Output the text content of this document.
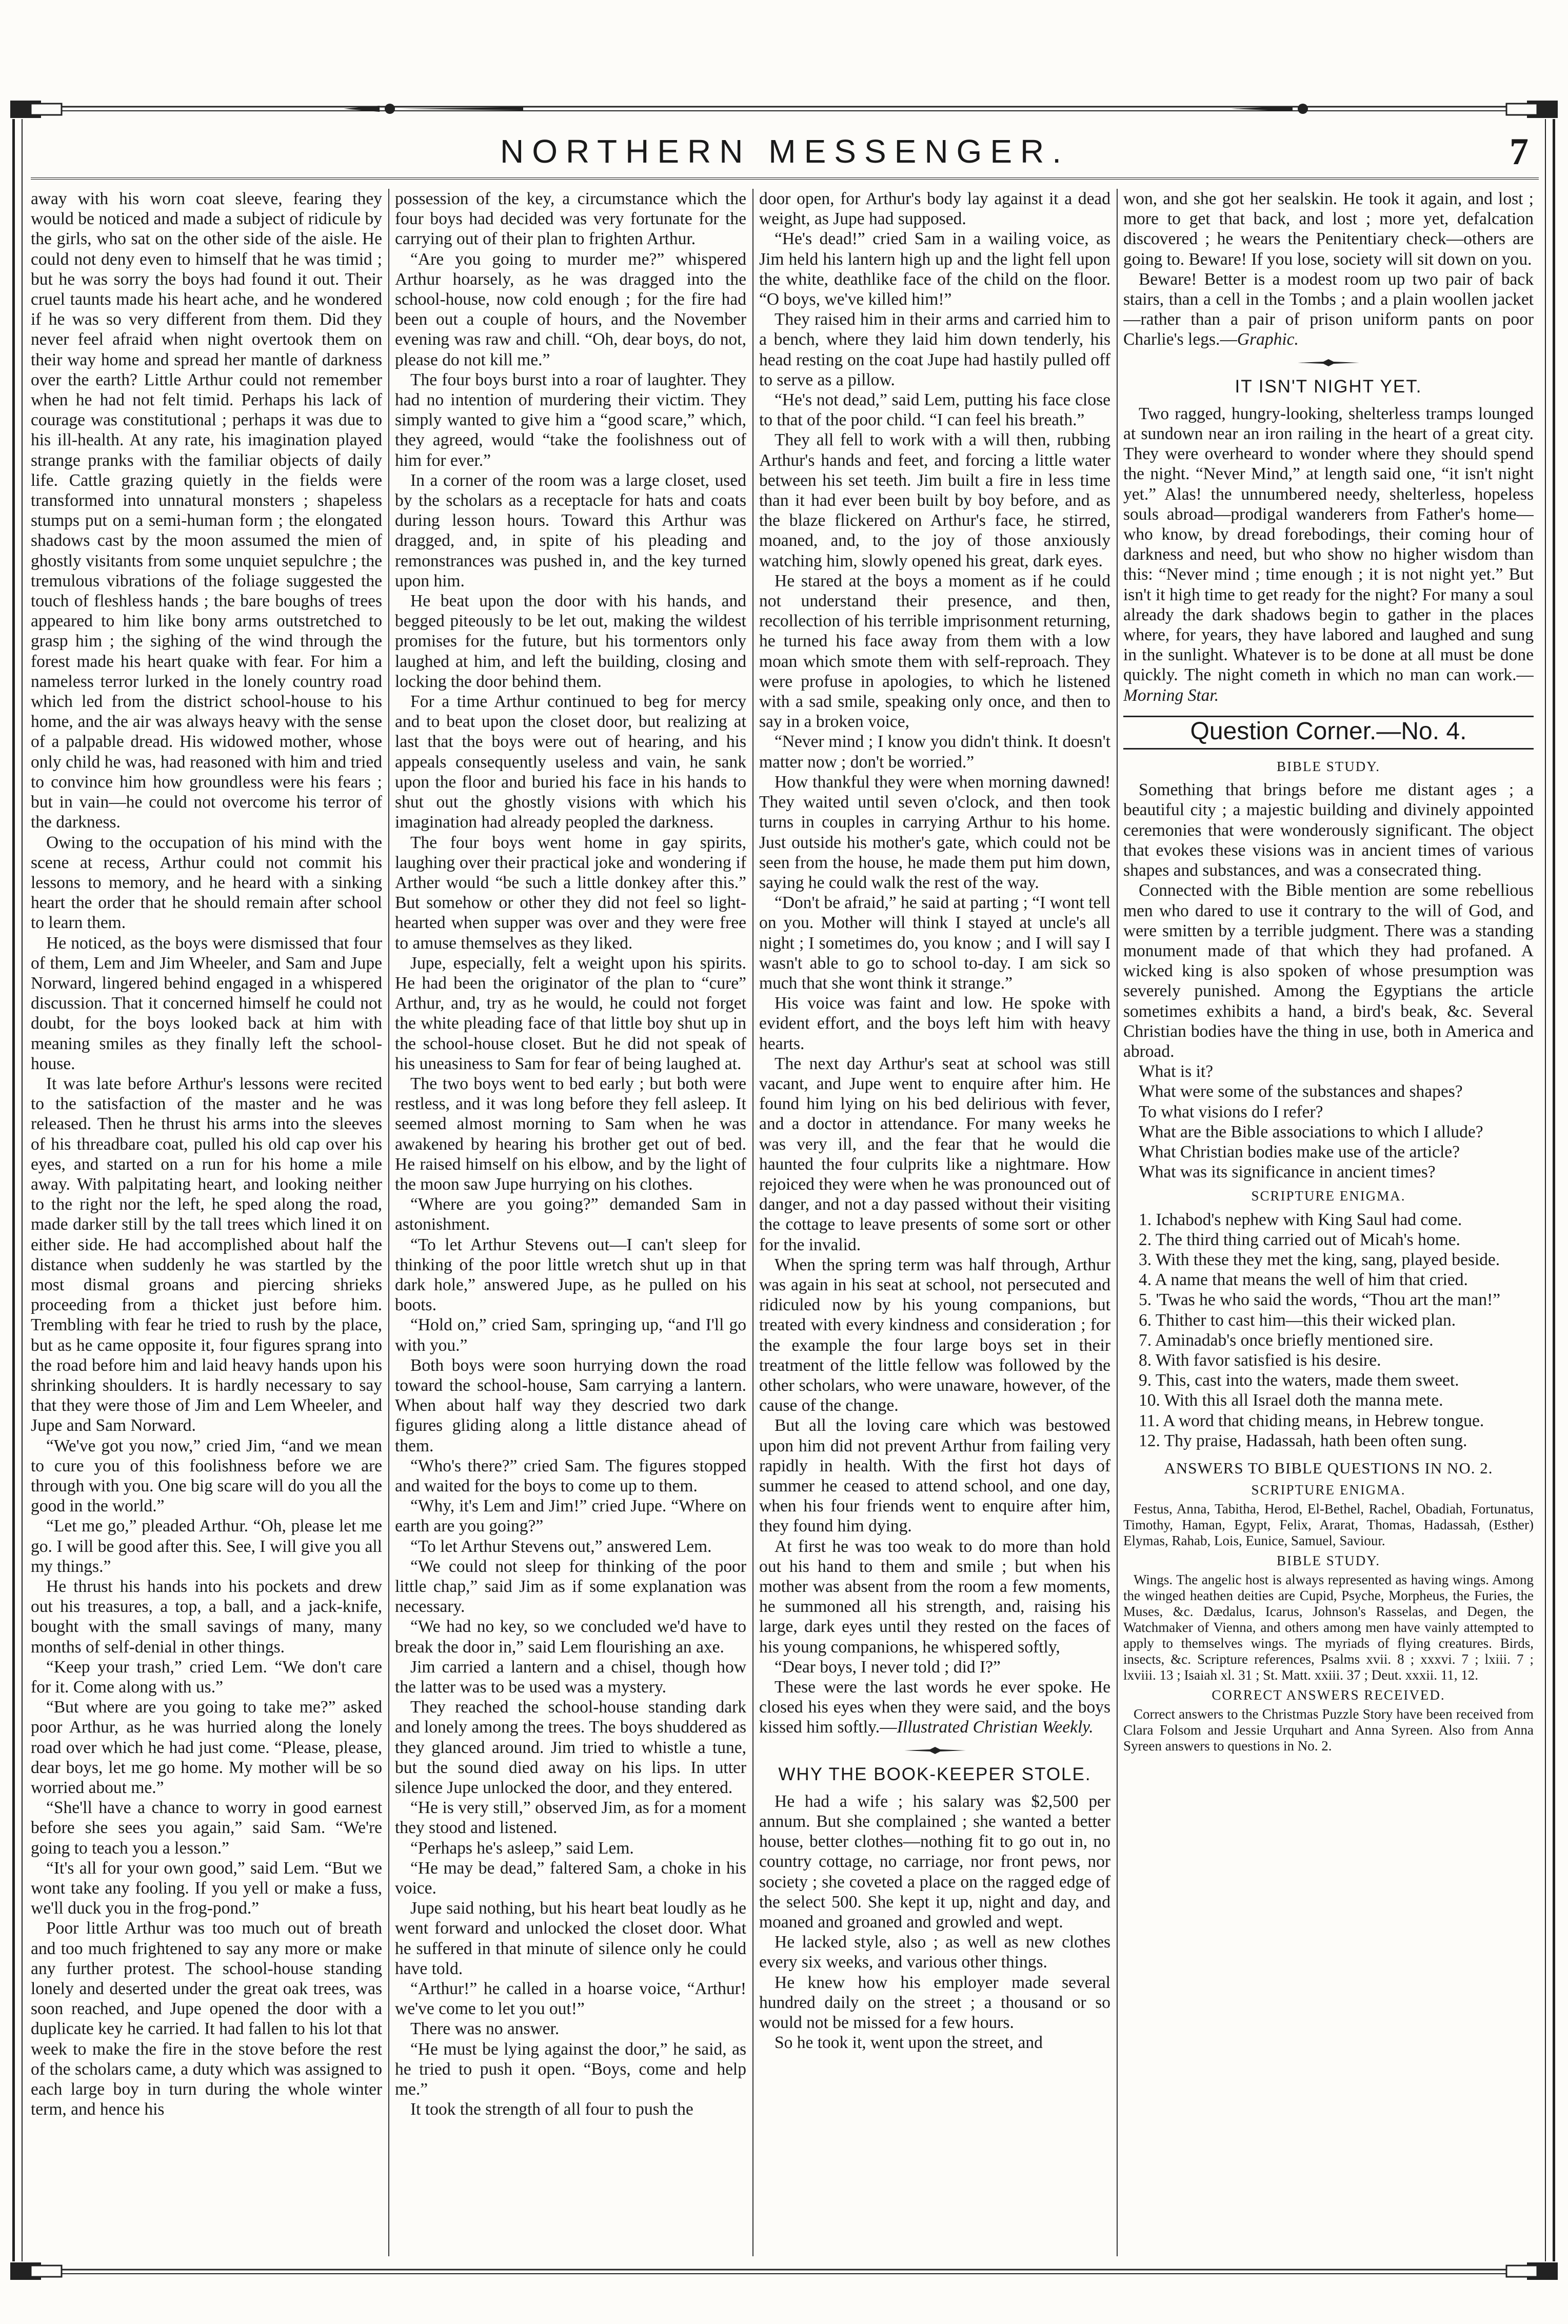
NORTHERN MESSENGER.	7

away with his worn coat sleeve, fearing they would be noticed and made a subject of ridicule by the girls, who sat on the other side of the aisle. He could not deny even to himself that he was timid ; but he was sorry the boys had found it out. Their cruel taunts made his heart ache, and he wondered if he was so very different from them. Did they never feel afraid when night overtook them on their way home and spread her mantle of darkness over the earth? Little Arthur could not remember when he had not felt timid. Perhaps his lack of courage was constitutional ; perhaps it was due to his ill-health. At any rate, his imagination played strange pranks with the familiar objects of daily life. Cattle grazing quietly in the fields were transformed into unnatural monsters ; shapeless stumps put on a semi-human form ; the elongated shadows cast by the moon assumed the mien of ghostly visitants from some unquiet sepulchre ; the tremulous vibrations of the foliage suggested the touch of fleshless hands ; the bare boughs of trees appeared to him like bony arms outstretched to grasp him ; the sighing of the wind through the forest made his heart quake with fear. For him a nameless terror lurked in the lonely country road which led from the district school-house to his home, and the air was always heavy with the sense of a palpable dread. His widowed mother, whose only child he was, had reasoned with him and tried to convince him how groundless were his fears ; but in vain—he could not overcome his terror of the darkness.

Owing to the occupation of his mind with the scene at recess, Arthur could not commit his lessons to memory, and he heard with a sinking heart the order that he should remain after school to learn them.

He noticed, as the boys were dismissed that four of them, Lem and Jim Wheeler, and Sam and Jupe Norward, lingered behind engaged in a whispered discussion. That it concerned himself he could not doubt, for the boys looked back at him with meaning smiles as they finally left the school-house.

It was late before Arthur's lessons were recited to the satisfaction of the master and he was released. Then he thrust his arms into the sleeves of his threadbare coat, pulled his old cap over his eyes, and started on a run for his home a mile away. With palpitating heart, and looking neither to the right nor the left, he sped along the road, made darker still by the tall trees which lined it on either side. He had accomplished about half the distance when suddenly he was startled by the most dismal groans and piercing shrieks proceeding from a thicket just before him. Trembling with fear he tried to rush by the place, but as he came opposite it, four figures sprang into the road before him and laid heavy hands upon his shrinking shoulders. It is hardly necessary to say that they were those of Jim and Lem Wheeler, and Jupe and Sam Norward.

“We've got you now,” cried Jim, “and we mean to cure you of this foolishness before we are through with you. One big scare will do you all the good in the world.”

“Let me go,” pleaded Arthur. “Oh, please let me go. I will be good after this. See, I will give you all my things.”

He thrust his hands into his pockets and drew out his treasures, a top, a ball, and a jack-knife, bought with the small savings of many, many months of self-denial in other things.

“Keep your trash,” cried Lem. “We don't care for it. Come along with us.”

“But where are you going to take me?” asked poor Arthur, as he was hurried along the lonely road over which he had just come. “Please, please, dear boys, let me go home. My mother will be so worried about me.”

“She'll have a chance to worry in good earnest before she sees you again,” said Sam. “We're going to teach you a lesson.”

“It's all for your own good,” said Lem. “But we wont take any fooling. If you yell or make a fuss, we'll duck you in the frog-pond.”

Poor little Arthur was too much out of breath and too much frightened to say any more or make any further protest. The school-house standing lonely and deserted under the great oak trees, was soon reached, and Jupe opened the door with a duplicate key he carried. It had fallen to his lot that week to make the fire in the stove before the rest of the scholars came, a duty which was assigned to each large boy in turn during the whole winter term, and hence his

possession of the key, a circumstance which the four boys had decided was very fortunate for the carrying out of their plan to frighten Arthur.

“Are you going to murder me?” whispered Arthur hoarsely, as he was dragged into the school-house, now cold enough ; for the fire had been out a couple of hours, and the November evening was raw and chill. “Oh, dear boys, do not, please do not kill me.”

The four boys burst into a roar of laughter. They had no intention of murdering their victim. They simply wanted to give him a “good scare,” which, they agreed, would “take the foolishness out of him for ever.”

In a corner of the room was a large closet, used by the scholars as a receptacle for hats and coats during lesson hours. Toward this Arthur was dragged, and, in spite of his pleading and remonstrances was pushed in, and the key turned upon him.

He beat upon the door with his hands, and begged piteously to be let out, making the wildest promises for the future, but his tormentors only laughed at him, and left the building, closing and locking the door behind them.

For a time Arthur continued to beg for mercy and to beat upon the closet door, but realizing at last that the boys were out of hearing, and his appeals consequently useless and vain, he sank upon the floor and buried his face in his hands to shut out the ghostly visions with which his imagination had already peopled the darkness.

The four boys went home in gay spirits, laughing over their practical joke and wondering if Arther would “be such a little donkey after this.” But somehow or other they did not feel so light-hearted when supper was over and they were free to amuse themselves as they liked.

Jupe, especially, felt a weight upon his spirits. He had been the originator of the plan to “cure” Arthur, and, try as he would, he could not forget the white pleading face of that little boy shut up in the school-house closet. But he did not speak of his uneasiness to Sam for fear of being laughed at.

The two boys went to bed early ; but both were restless, and it was long before they fell asleep. It seemed almost morning to Sam when he was awakened by hearing his brother get out of bed. He raised himself on his elbow, and by the light of the moon saw Jupe hurrying on his clothes.

“Where are you going?” demanded Sam in astonishment.

“To let Arthur Stevens out—I can't sleep for thinking of the poor little wretch shut up in that dark hole,” answered Jupe, as he pulled on his boots.

“Hold on,” cried Sam, springing up, “and I'll go with you.”

Both boys were soon hurrying down the road toward the school-house, Sam carrying a lantern. When about half way they descried two dark figures gliding along a little distance ahead of them.

“Who's there?” cried Sam. The figures stopped and waited for the boys to come up to them.

“Why, it's Lem and Jim!” cried Jupe. “Where on earth are you going?”

“To let Arthur Stevens out,” answered Lem.

“We could not sleep for thinking of the poor little chap,” said Jim as if some explanation was necessary.

“We had no key, so we concluded we'd have to break the door in,” said Lem flourishing an axe.

Jim carried a lantern and a chisel, though how the latter was to be used was a mystery.

They reached the school-house standing dark and lonely among the trees. The boys shuddered as they glanced around. Jim tried to whistle a tune, but the sound died away on his lips. In utter silence Jupe unlocked the door, and they entered.

“He is very still,” observed Jim, as for a moment they stood and listened.

“Perhaps he's asleep,” said Lem.

“He may be dead,” faltered Sam, a choke in his voice.

Jupe said nothing, but his heart beat loudly as he went forward and unlocked the closet door. What he suffered in that minute of silence only he could have told.

“Arthur!” he called in a hoarse voice, “Arthur! we've come to let you out!”

There was no answer.

“He must be lying against the door,” he said, as he tried to push it open. “Boys, come and help me.”

It took the strength of all four to push the

door open, for Arthur's body lay against it a dead weight, as Jupe had supposed.

“He's dead!” cried Sam in a wailing voice, as Jim held his lantern high up and the light fell upon the white, deathlike face of the child on the floor. “O boys, we've killed him!”

They raised him in their arms and carried him to a bench, where they laid him down tenderly, his head resting on the coat Jupe had hastily pulled off to serve as a pillow.

“He's not dead,” said Lem, putting his face close to that of the poor child. “I can feel his breath.”

They all fell to work with a will then, rubbing Arthur's hands and feet, and forcing a little water between his set teeth. Jim built a fire in less time than it had ever been built by boy before, and as the blaze flickered on Arthur's face, he stirred, moaned, and, to the joy of those anxiously watching him, slowly opened his great, dark eyes.

He stared at the boys a moment as if he could not understand their presence, and then, recollection of his terrible imprisonment returning, he turned his face away from them with a low moan which smote them with self-reproach. They were profuse in apologies, to which he listened with a sad smile, speaking only once, and then to say in a broken voice,

“Never mind ; I know you didn't think. It doesn't matter now ; don't be worried.”

How thankful they were when morning dawned! They waited until seven o'clock, and then took turns in couples in carrying Arthur to his home. Just outside his mother's gate, which could not be seen from the house, he made them put him down, saying he could walk the rest of the way.

“Don't be afraid,” he said at parting ; “I wont tell on you. Mother will think I stayed at uncle's all night ; I sometimes do, you know ; and I will say I wasn't able to go to school to-day. I am sick so much that she wont think it strange.”

His voice was faint and low. He spoke with evident effort, and the boys left him with heavy hearts.

The next day Arthur's seat at school was still vacant, and Jupe went to enquire after him. He found him lying on his bed delirious with fever, and a doctor in attendance. For many weeks he was very ill, and the fear that he would die haunted the four culprits like a nightmare. How rejoiced they were when he was pronounced out of danger, and not a day passed without their visiting the cottage to leave presents of some sort or other for the invalid.

When the spring term was half through, Arthur was again in his seat at school, not persecuted and ridiculed now by his young companions, but treated with every kindness and consideration ; for the example the four large boys set in their treatment of the little fellow was followed by the other scholars, who were unaware, however, of the cause of the change.

But all the loving care which was bestowed upon him did not prevent Arthur from failing very rapidly in health. With the first hot days of summer he ceased to attend school, and one day, when his four friends went to enquire after him, they found him dying.

At first he was too weak to do more than hold out his hand to them and smile ; but when his mother was absent from the room a few moments, he summoned all his strength, and, raising his large, dark eyes until they rested on the faces of his young companions, he whispered softly,

“Dear boys, I never told ; did I?”

These were the last words he ever spoke. He closed his eyes when they were said, and the boys kissed him softly.—Illustrated Christian Weekly.

WHY THE BOOK-KEEPER STOLE.

He had a wife ; his salary was $2,500 per annum. But she complained ; she wanted a better house, better clothes—nothing fit to go out in, no country cottage, no carriage, nor front pews, nor society ; she coveted a place on the ragged edge of the select 500. She kept it up, night and day, and moaned and groaned and growled and wept.

He lacked style, also ; as well as new clothes every six weeks, and various other things.

He knew how his employer made several hundred daily on the street ; a thousand or so would not be missed for a few hours.

So he took it, went upon the street, and

won, and she got her sealskin. He took it again, and lost ; more to get that back, and lost ; more yet, defalcation discovered ; he wears the Penitentiary check—others are going to. Beware! If you lose, society will sit down on you.

Beware! Better is a modest room up two pair of back stairs, than a cell in the Tombs ; and a plain woollen jacket—rather than a pair of prison uniform pants on poor Charlie's legs.—Graphic.

IT ISN'T NIGHT YET.

Two ragged, hungry-looking, shelterless tramps lounged at sundown near an iron railing in the heart of a great city. They were overheard to wonder where they should spend the night. “Never Mind,” at length said one, “it isn't night yet.” Alas! the unnumbered needy, shelterless, hopeless souls abroad—prodigal wanderers from Father's home—who know, by dread forebodings, their coming hour of darkness and need, but who show no higher wisdom than this: “Never mind ; time enough ; it is not night yet.” But isn't it high time to get ready for the night? For many a soul already the dark shadows begin to gather in the places where, for years, they have labored and laughed and sung in the sunlight. Whatever is to be done at all must be done quickly. The night cometh in which no man can work.—Morning Star.

Question Corner.—No. 4.
BIBLE STUDY.

Something that brings before me distant ages ; a beautiful city ; a majestic building and divinely appointed ceremonies that were wonderously significant. The object that evokes these visions was in ancient times of various shapes and substances, and was a consecrated thing.

Connected with the Bible mention are some rebellious men who dared to use it contrary to the will of God, and were smitten by a terrible judgment. There was a standing monument made of that which they had profaned. A wicked king is also spoken of whose presumption was severely punished. Among the Egyptians the article sometimes exhibits a hand, a bird's beak, &c. Several Christian bodies have the thing in use, both in America and abroad.

What is it?

What were some of the substances and shapes?

To what visions do I refer?

What are the Bible associations to which I allude?

What Christian bodies make use of the article?

What was its significance in ancient times?

SCRIPTURE ENIGMA.

1. Ichabod's nephew with King Saul had come.

2. The third thing carried out of Micah's home.

3. With these they met the king, sang, played beside.

4. A name that means the well of him that cried.

5. 'Twas he who said the words, “Thou art the man!”

6. Thither to cast him—this their wicked plan.

7. Aminadab's once briefly mentioned sire.

8. With favor satisfied is his desire.

9. This, cast into the waters, made them sweet.

10. With this all Israel doth the manna mete.

11. A word that chiding means, in Hebrew tongue.

12. Thy praise, Hadassah, hath been often sung.

ANSWERS TO BIBLE QUESTIONS IN NO. 2.
SCRIPTURE ENIGMA.

Festus, Anna, Tabitha, Herod, El-Bethel, Rachel, Obadiah, Fortunatus, Timothy, Haman, Egypt, Felix, Ararat, Thomas, Hadassah, (Esther) Elymas, Rahab, Lois, Eunice, Samuel, Saviour.

BIBLE STUDY.

Wings. The angelic host is always represented as having wings. Among the winged heathen deities are Cupid, Psyche, Morpheus, the Furies, the Muses, &c. Dædalus, Icarus, Johnson's Rasselas, and Degen, the Watchmaker of Vienna, and others among men have vainly attempted to apply to themselves wings. The myriads of flying creatures. Birds, insects, &c. Scripture references, Psalms xvii. 8 ; xxxvi. 7 ; lxiii. 7 ; lxviii. 13 ; Isaiah xl. 31 ; St. Matt. xxiii. 37 ; Deut. xxxii. 11, 12.

CORRECT ANSWERS RECEIVED.

Correct answers to the Christmas Puzzle Story have been received from Clara Folsom and Jessie Urquhart and Anna Syreen. Also from Anna Syreen answers to questions in No. 2.
